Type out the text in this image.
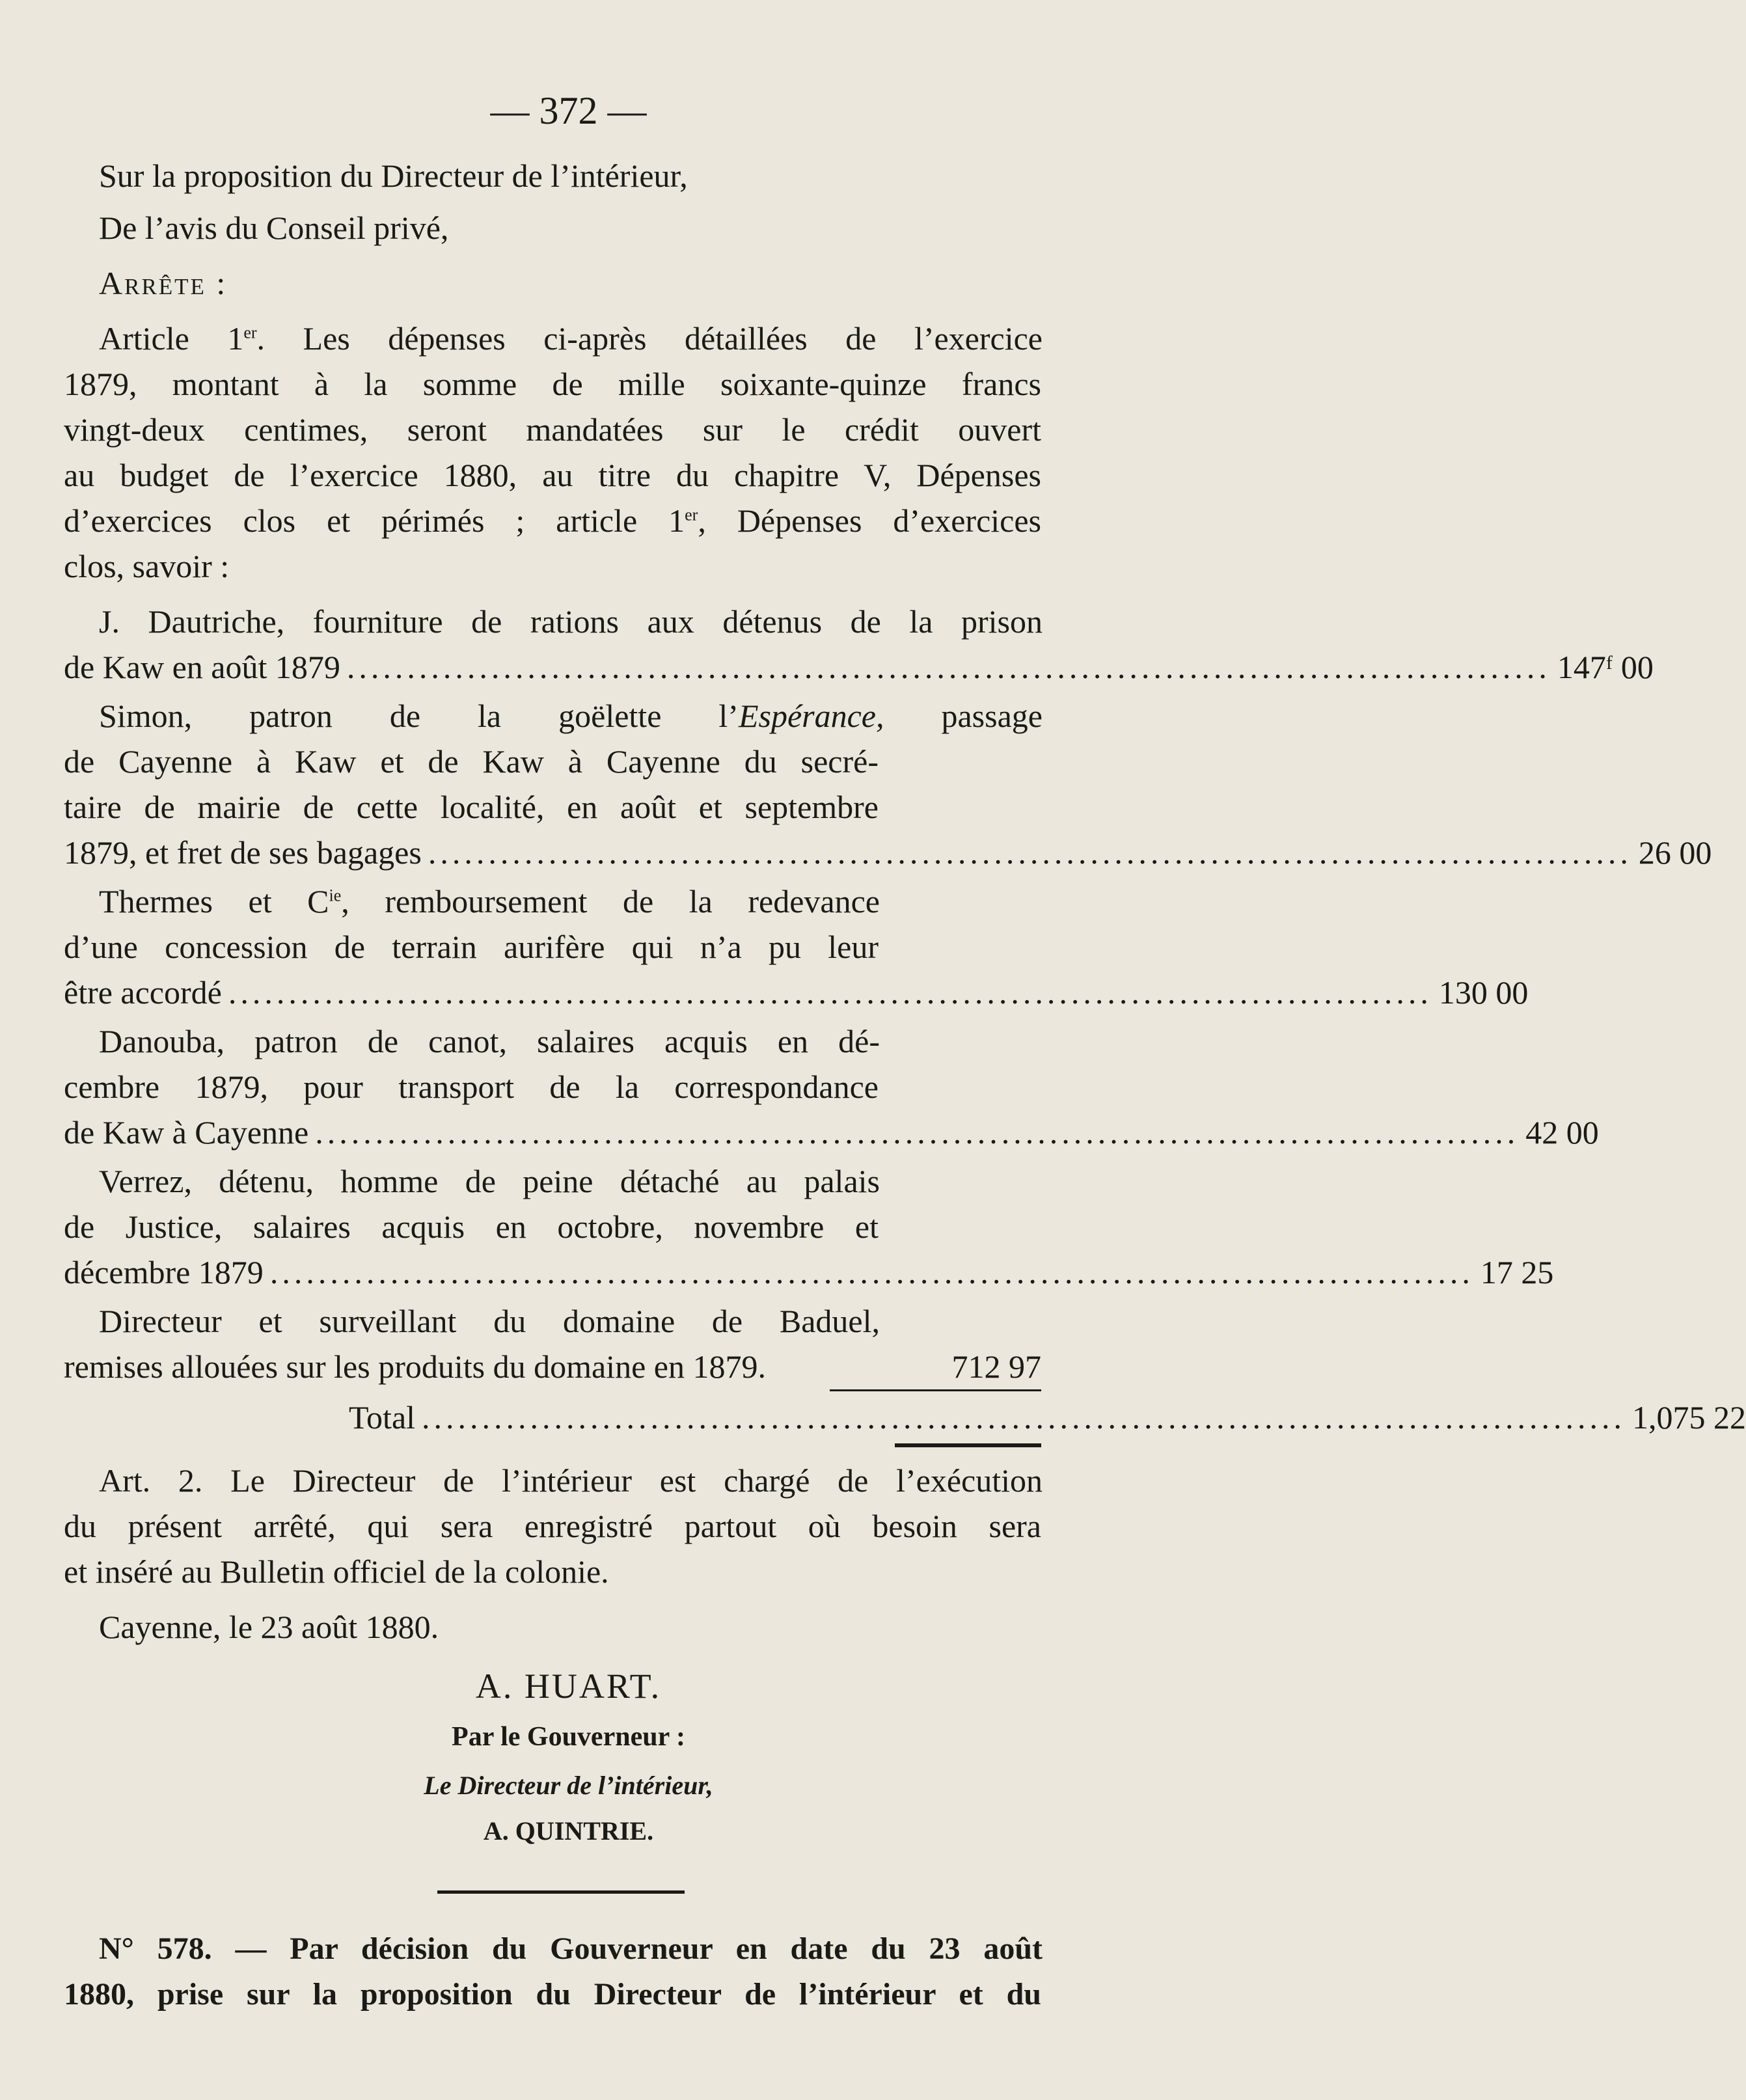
— 372 —
Sur la proposition du Directeur de l’intérieur,
De l’avis du Conseil privé,
Arrête :
Article 1er. Les dépenses ci-après détaillées de l’exercice
1879, montant à la somme de mille soixante-quinze francs
vingt-deux centimes, seront mandatées sur le crédit ouvert
au budget de l’exercice 1880, au titre du chapitre V, Dépenses
d’exercices clos et périmés ; article 1er, Dépenses d’exercices
clos, savoir :
J. Dautriche, fourniture de rations aux détenus de la prison
de Kaw en août 1879 .................................................................................................... 147ᶠ 00
Simon, patron de la goëlette l’Espérance, passage
de Cayenne à Kaw et de Kaw à Cayenne du secré-
taire de mairie de cette localité, en août et septembre
1879, et fret de ses bagages .................................................................................................... 26 00
Thermes et $C^{ie}$, remboursement de la redevance
d’une concession de terrain aurifère qui n’a pu leur
être accordé .................................................................................................... 130 00
Danouba, patron de canot, salaires acquis en dé-
cembre 1879, pour transport de la correspondance
de Kaw à Cayenne .................................................................................................... 42 00
Verrez, détenu, homme de peine détaché au palais
de Justice, salaires acquis en octobre, novembre et
décembre 1879 .................................................................................................... 17 25
Directeur et surveillant du domaine de Baduel,
remises allouées sur les produits du domaine en 1879.	712 97
Total .................................................................................................... 1,075 22
Art. 2. Le Directeur de l’intérieur est chargé de l’exécution
du présent arrêté, qui sera enregistré partout où besoin sera
et inséré au Bulletin officiel de la colonie.
Cayenne, le 23 août 1880.
A. HUART.
Par le Gouverneur :
Le Directeur de l’intérieur,
A. QUINTRIE.
N° 578. — Par décision du Gouverneur en date du 23 août
1880, prise sur la proposition du Directeur de l’intérieur et du
